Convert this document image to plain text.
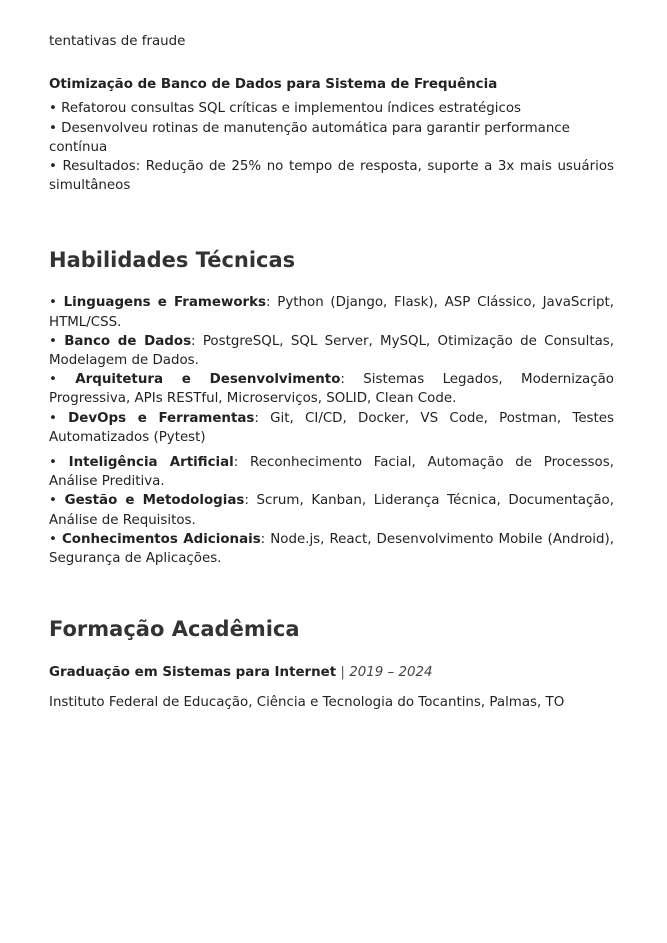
tentativas de fraude

Otimização de Banco de Dados para Sistema de Frequência

• Refatorou consultas SQL críticas e implementou índices estratégicos

• Desenvolveu rotinas de manutenção automática para garantir performance contínua

• Resultados: Redução de 25% no tempo de resposta, suporte a 3x mais usuários simultâneos

Habilidades Técnicas

• Linguagens e Frameworks: Python (Django, Flask), ASP Clássico, JavaScript, HTML/CSS.

• Banco de Dados: PostgreSQL, SQL Server, MySQL, Otimização de Consultas, Modelagem de Dados.

• Arquitetura e Desenvolvimento: Sistemas Legados, Modernização Progressiva, APIs RESTful, Microserviços, SOLID, Clean Code.

• DevOps e Ferramentas: Git, CI/CD, Docker, VS Code, Postman, Testes Automatizados (Pytest)

• Inteligência Artificial: Reconhecimento Facial, Automação de Processos, Análise Preditiva.

• Gestão e Metodologias: Scrum, Kanban, Liderança Técnica, Documentação, Análise de Requisitos.

• Conhecimentos Adicionais: Node.js, React, Desenvolvimento Mobile (Android), Segurança de Aplicações.

Formação Acadêmica

Graduação em Sistemas para Internet | 2019 – 2024

Instituto Federal de Educação, Ciência e Tecnologia do Tocantins, Palmas, TO
